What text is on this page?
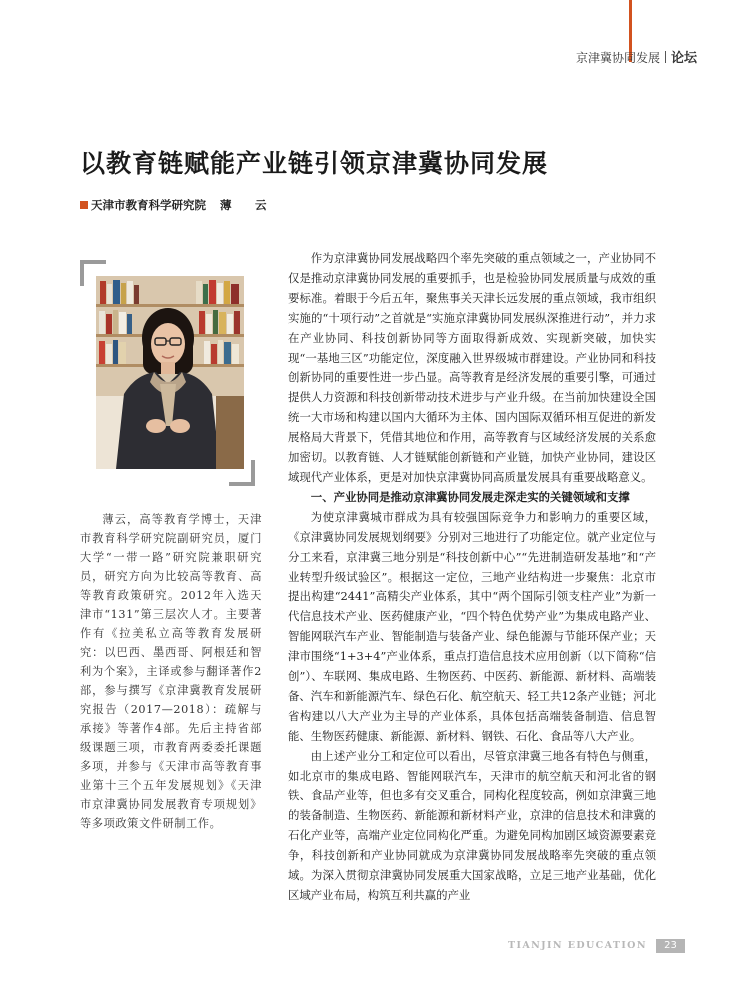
京津冀协同发展 论坛
以教育链赋能产业链引领京津冀协同发展
天津市教育科学研究院 薄　云

薄云，高等教育学博士，天津市教育科学研究院副研究员，厦门大学“一带一路”研究院兼职研究员，研究方向为比较高等教育、高等教育政策研究。2012年入选天津市“131”第三层次人才。主要著作有《拉美私立高等教育发展研究：以巴西、墨西哥、阿根廷和智利为个案》，主译或参与翻译著作2部，参与撰写《京津冀教育发展研究报告（2017—2018）：疏解与承接》等著作4部。先后主持省部级课题三项，市教育两委委托课题多项，并参与《天津市高等教育事业第十三个五年发展规划》《天津市京津冀协同发展教育专项规划》等多项政策文件研制工作。

作为京津冀协同发展战略四个率先突破的重点领域之一，产业协同不仅是推动京津冀协同发展的重要抓手，也是检验协同发展质量与成效的重要标准。着眼于今后五年，聚焦事关天津长远发展的重点领域，我市组织实施的“十项行动”之首就是“实施京津冀协同发展纵深推进行动”，并力求在产业协同、科技创新协同等方面取得新成效、实现新突破，加快实现“一基地三区”功能定位，深度融入世界级城市群建设。产业协同和科技创新协同的重要性进一步凸显。高等教育是经济发展的重要引擎，可通过提供人力资源和科技创新带动技术进步与产业升级。在当前加快建设全国统一大市场和构建以国内大循环为主体、国内国际双循环相互促进的新发展格局大背景下，凭借其地位和作用，高等教育与区域经济发展的关系愈加密切。以教育链、人才链赋能创新链和产业链，加快产业协同，建设区域现代产业体系，更是对加快京津冀协同高质量发展具有重要战略意义。

一、产业协同是推动京津冀协同发展走深走实的关键领域和支撑

为使京津冀城市群成为具有较强国际竞争力和影响力的重要区域，《京津冀协同发展规划纲要》分别对三地进行了功能定位。就产业定位与分工来看，京津冀三地分别是“科技创新中心”“先进制造研发基地”和“产业转型升级试验区”。根据这一定位，三地产业结构进一步聚焦：北京市提出构建“2441”高精尖产业体系，其中“两个国际引领支柱产业”为新一代信息技术产业、医药健康产业，“四个特色优势产业”为集成电路产业、智能网联汽车产业、智能制造与装备产业、绿色能源与节能环保产业；天津市围绕“1+3+4”产业体系，重点打造信息技术应用创新（以下简称“信创”）、车联网、集成电路、生物医药、中医药、新能源、新材料、高端装备、汽车和新能源汽车、绿色石化、航空航天、轻工共12条产业链；河北省构建以八大产业为主导的产业体系，具体包括高端装备制造、信息智能、生物医药健康、新能源、新材料、钢铁、石化、食品等八大产业。

由上述产业分工和定位可以看出，尽管京津冀三地各有特色与侧重，如北京市的集成电路、智能网联汽车，天津市的航空航天和河北省的钢铁、食品产业等，但也多有交叉重合，同构化程度较高，例如京津冀三地的装备制造、生物医药、新能源和新材料产业，京津的信息技术和津冀的石化产业等，高端产业定位同构化严重。为避免同构加剧区域资源要素竞争，科技创新和产业协同就成为京津冀协同发展战略率先突破的重点领域。为深入贯彻京津冀协同发展重大国家战略，立足三地产业基础，优化区域产业布局，构筑互利共赢的产业

TIANJIN EDUCATION	23
